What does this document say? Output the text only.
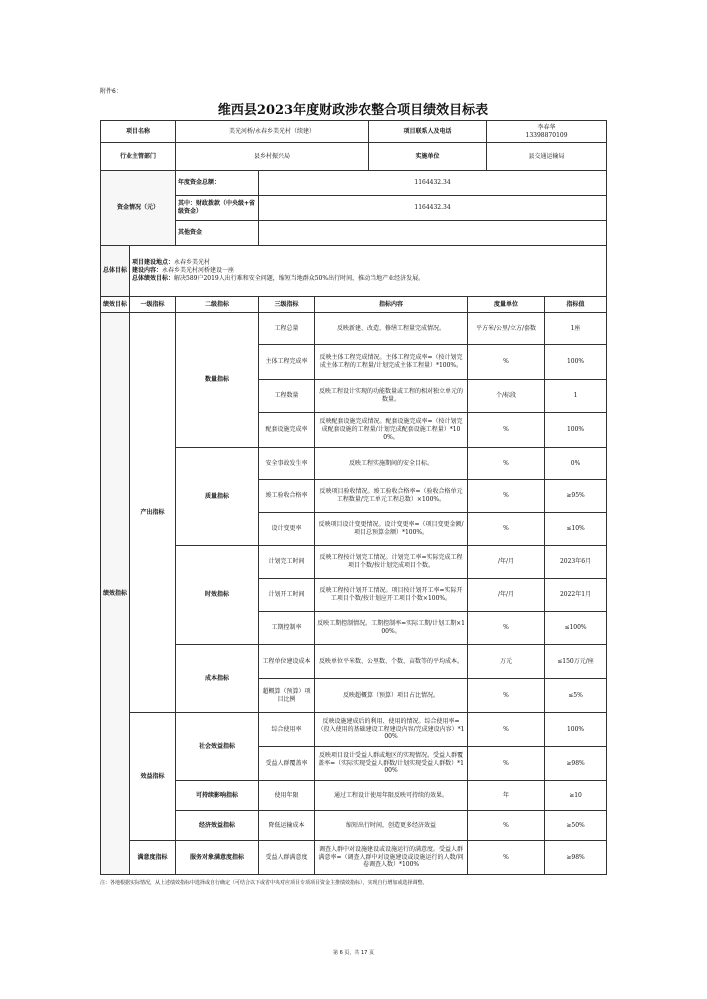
附件6：
维西县2023年度财政涉农整合项目绩效目标表
项目名称		美光河桥/永春乡美光村（续建）			项目联系人及电话		李春华
13398870109	

行业主管部门		县乡村振兴局			实施单位		县交通运输局	
资金情况（元）		年度资金总额：	1164432.34					
		其中：财政拨款（中央级+省级资金）	1164432.34					
		其他资金						
总体目标	项目建设地点：永春乡美光村
建设内容：永春乡美光村河桥建设一座
总体绩效目标：解决589户2019人出行难和安全问题，缩短当地群众50%出行时间，推动当地产业经济发展。							

绩效目标	一级指标	二级指标	三级指标	指标内容		度量单位		指标值
绩效指标	产出指标	数量指标	工程总量	反映新建、改造、修缮工程量完成情况。		平方米/公里/立方/套数		1座
			主体工程完成率	反映主体工程完成情况。主体工程完成率=（按计划完成主体工程的工程量/计划完成主体工程量）*100%。		%		100%
			工程数量	反映工程设计实现的功能数量或工程的相对独立单元的数量。		个/标段		1
			配套设施完成率	反映配套设施完成情况。配套设施完成率=（按计划完成配套设施的工程量/计划完成配套设施工程量）*100%。		%		100%
		质量指标	安全事故发生率	反映工程实施期间的安全目标。		%		0%
			竣工验收合格率	反映项目验收情况。竣工验收合格率=（验收合格单元工程数量/完工单元工程总数）×100%。		%		≥95%
			设计变更率	反映项目设计变更情况。设计变更率=（项目变更金额/项目总预算金额）*100%。		%		≤10%
		时效指标	计划完工时间	反映工程按计划完工情况。计划完工率=实际完成工程项目个数/按计划完成项目个数。		/年/月		2023年6月
			计划开工时间	反映工程按计划开工情况。项目按计划开工率=实际开工项目个数/按计划应开工项目个数×100%。		/年/月		2022年1月
			工期控制率	反映工期控制情况。工期控制率=实际工期/计划工期×100%。		%		≤100%
		成本指标	工程单位建设成本	反映单位平米数、公里数、个数、亩数等的平均成本。		万元		≤150万元/座
			超概算（预算）项目比例	反映超概算（预算）项目占比情况。		%		≤5%
	效益指标	社会效益指标	综合使用率	反映设施建成后的利用、使用的情况。综合使用率=（投入使用的基础建设工程建设内容/完成建设内容）*100%		%		100%
			受益人群覆盖率	反映项目设计受益人群或地区的实现情况。受益人群覆盖率=（实际实现受益人群数/计划实现受益人群数）*100%		%		≥98%
		可持续影响指标	使用年限	通过工程设计使用年限反映可持续的效果。		年		≥10
		经济效益指标	降低运输成本	缩短出行时间，创造更多经济效益		%		≥50%
	满意度指标	服务对象满意度指标	受益人群满意度	调查人群中对设施建设或设施运行的满意度。受益人群满意率=（调查人群中对设施建设或设施运行的人数/问卷调查人数）*100%		%		≥98%
注：各地根据实际情况，从上述绩效指标中选择或自行确定（可结合以下或省中央对应项目专项项目资金主推绩效指标），实现自行增加或选择调整。
第 6 页，共 17 页
